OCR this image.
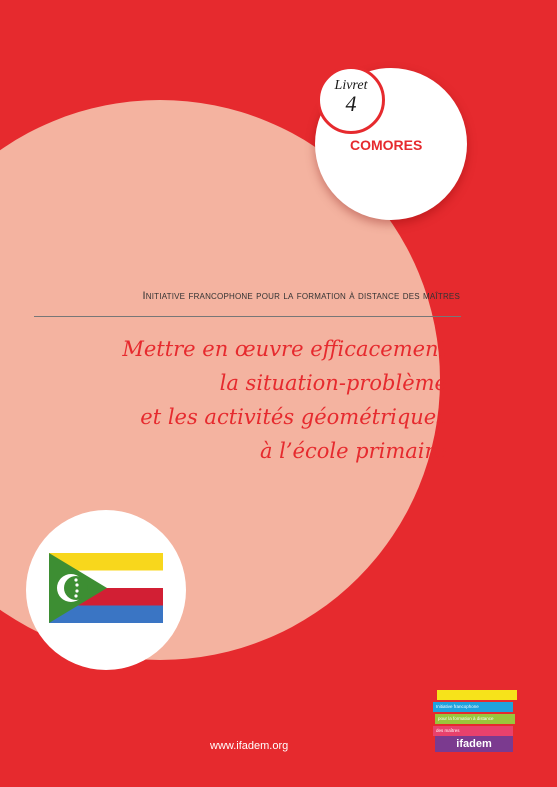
Livret
4
COMORES
Initiative francophone pour la formation à distance des maîtres
Mettre en œuvre efficacement
la situation-problème
et les activités géométriques
à l’école primaire
www.ifadem.org
Initiative francophone
pour la formation à distance
des maîtres
ifadem
